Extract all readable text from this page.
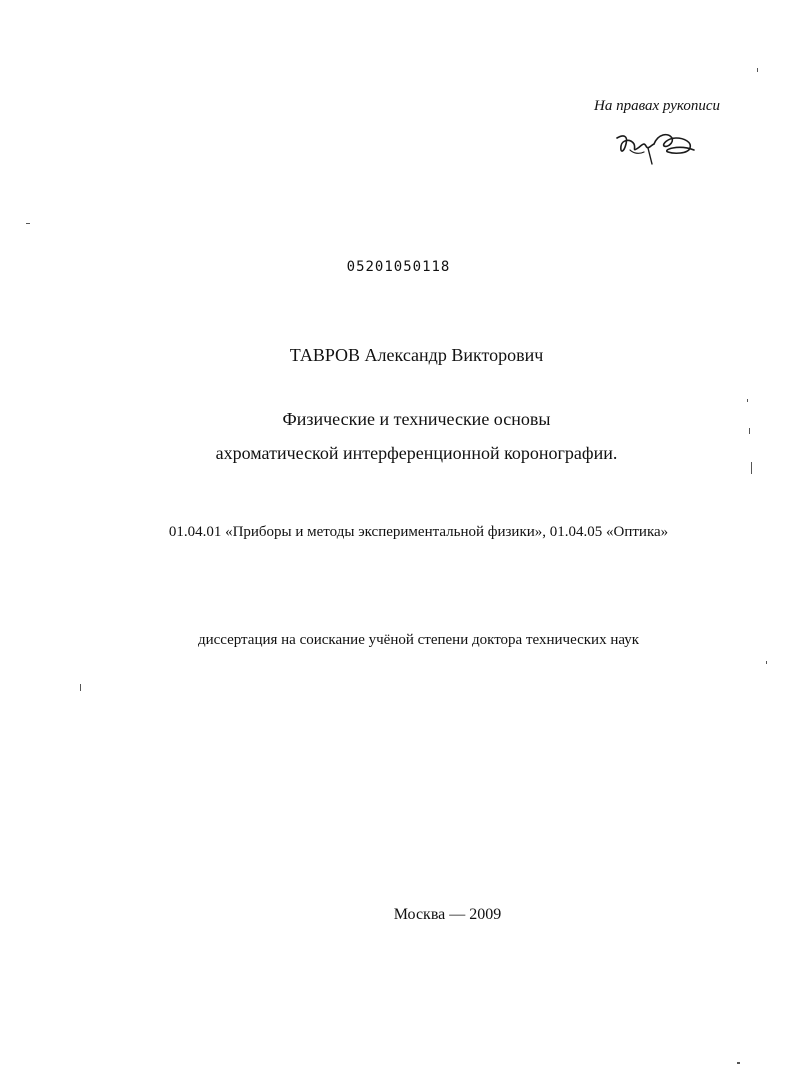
На правах рукописи
05201050118
ТАВРОВ Александр Викторович
Физические и технические основы
ахроматической интерференционной коронографии.
01.04.01 «Приборы и методы экспериментальной физики», 01.04.05 «Оптика»
диссертация на соискание учёной степени доктора технических наук
Москва — 2009
